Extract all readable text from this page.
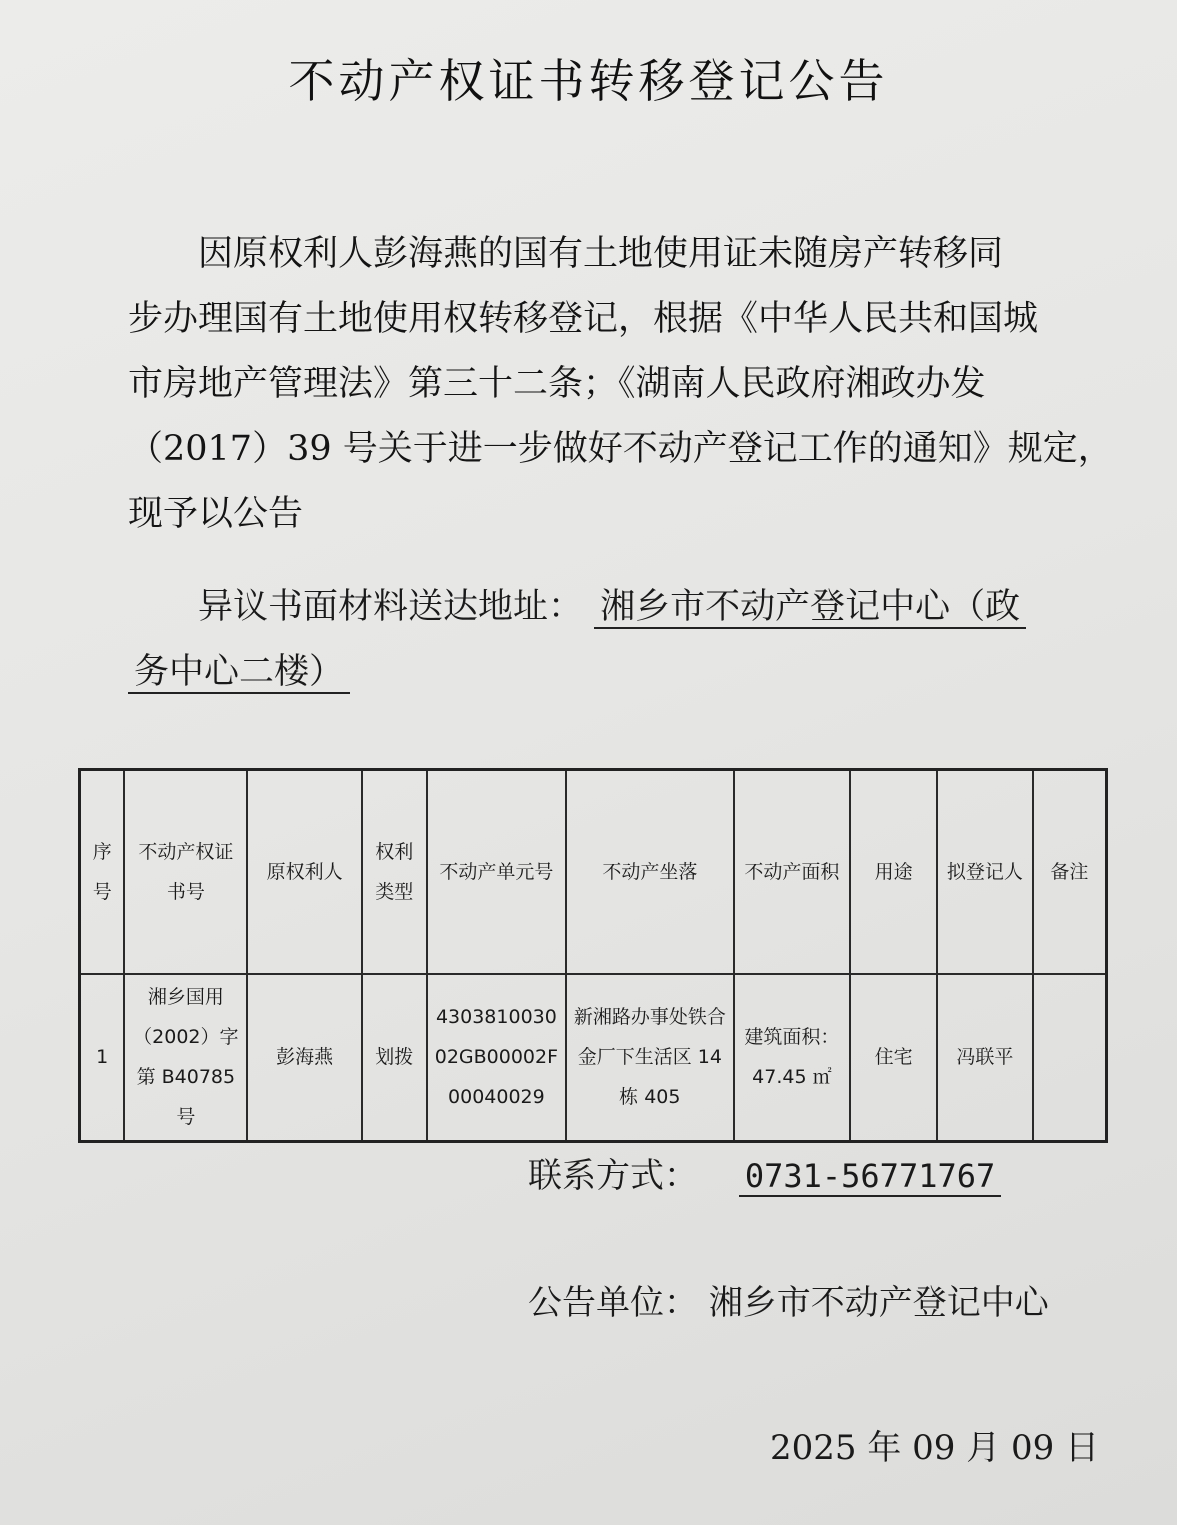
不动产权证书转移登记公告
因原权利人彭海燕的国有土地使用证未随房产转移同
步办理国有土地使用权转移登记，根据《中华人民共和国城
市房地产管理法》第三十二条；《湖南人民政府湘政办发
（2017）39 号关于进一步做好不动产登记工作的通知》规定，
现予以公告
异议书面材料送达地址： 湘乡市不动产登记中心（政
务中心二楼）
序号	不动产权证书号	原权利人	权利类型	不动产单元号	不动产坐落	不动产面积	用途	拟登记人	备注
1	湘乡国用（2002）字第 B40785 号	彭海燕	划拨	430381003002GB00002F00040029	新湘路办事处铁合金厂下生活区 14 栋 405	建筑面积：47.45 ㎡	住宅	冯联平	
联系方式： 0731-56771767
公告单位： 湘乡市不动产登记中心
2025 年 09 月 09 日
